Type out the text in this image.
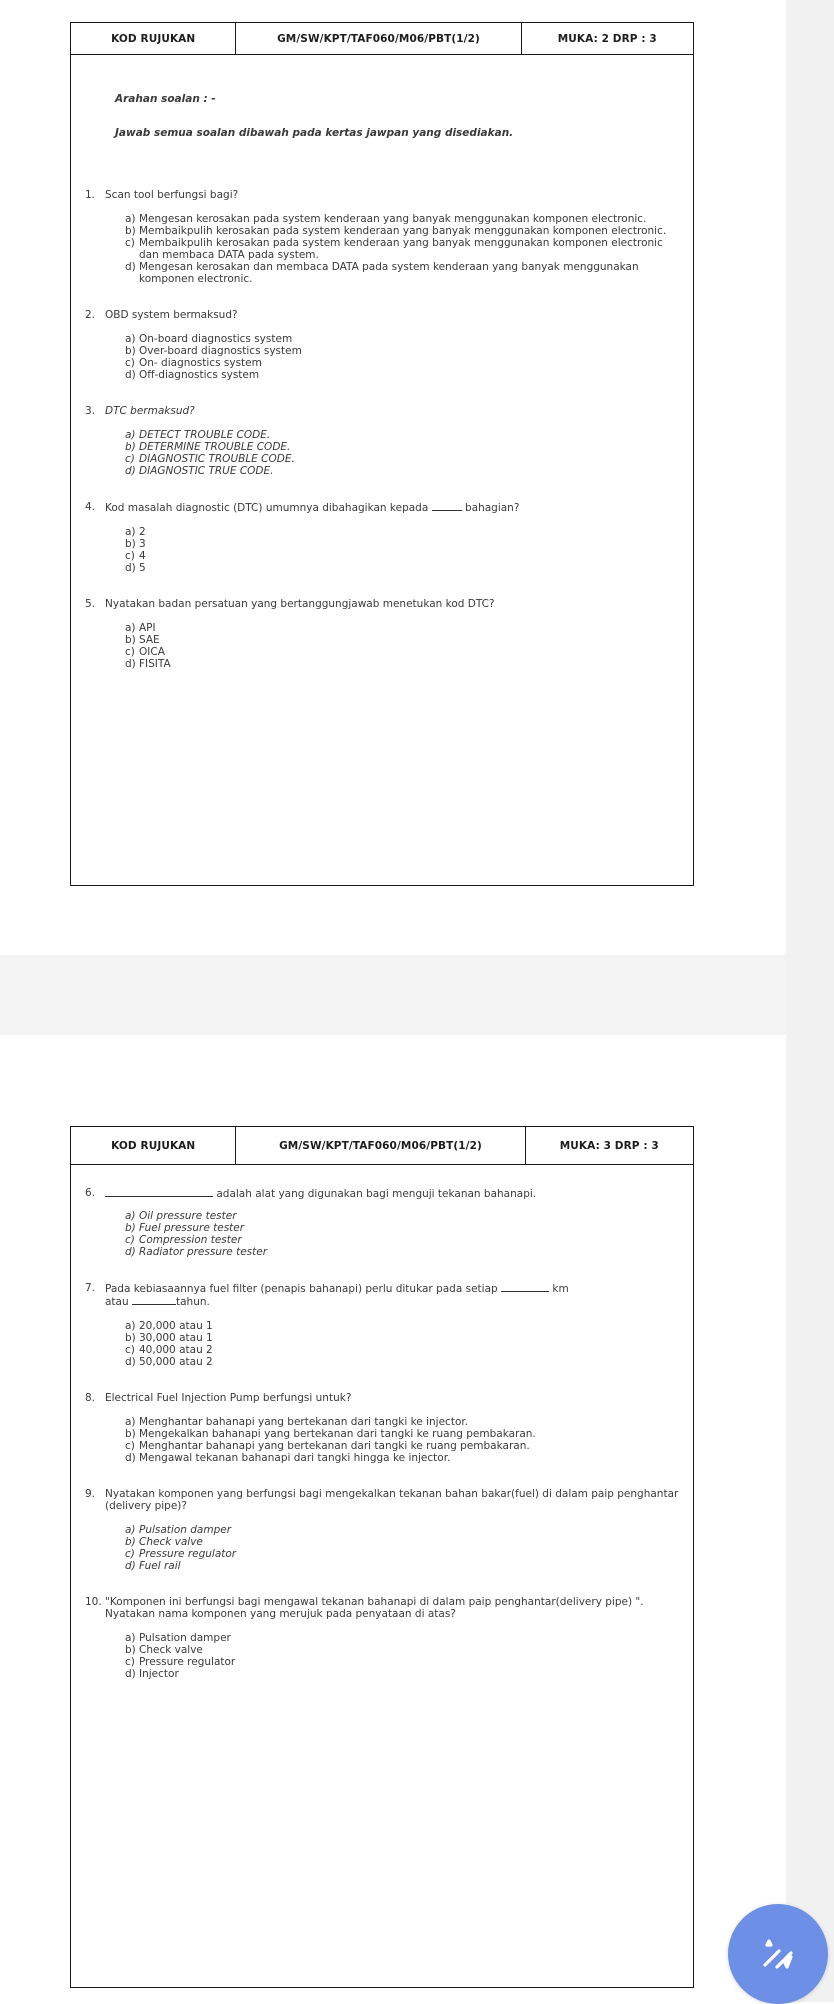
KOD RUJUKAN	GM/SW/KPT/TAF060/M06/PBT(1/2)	MUKA: 2 DRP : 3
Arahan soalan : -
Jawab semua soalan dibawah pada kertas jawpan yang disediakan.
1. Scan tool berfungsi bagi?
a) Mengesan kerosakan pada system kenderaan yang banyak menggunakan komponen electronic.
b) Membaikpulih kerosakan pada system kenderaan yang banyak menggunakan komponen electronic.
c) Membaikpulih kerosakan pada system kenderaan yang banyak menggunakan komponen electronic dan membaca DATA pada system.
d) Mengesan kerosakan dan membaca DATA pada system kenderaan yang banyak menggunakan komponen electronic.
2. OBD system bermaksud?
a) On-board diagnostics system
b) Over-board diagnostics system
c) On- diagnostics system
d) Off-diagnostics system
3. DTC bermaksud?
a) DETECT TROUBLE CODE.
b) DETERMINE TROUBLE CODE.
c) DIAGNOSTIC TROUBLE CODE.
d) DIAGNOSTIC TRUE CODE.
4. Kod masalah diagnostic (DTC) umumnya dibahagikan kepada	bahagian?
a) 2
b) 3
c) 4
d) 5
5. Nyatakan badan persatuan yang bertanggungjawab menetukan kod DTC?
a) API
b) SAE
c) OICA
d) FISITA
KOD RUJUKAN	GM/SW/KPT/TAF060/M06/PBT(1/2)	MUKA: 3 DRP : 3
6.	adalah alat yang digunakan bagi menguji tekanan bahanapi.
a) Oil pressure tester
b) Fuel pressure tester
c) Compression tester
d) Radiator pressure tester
7. Pada kebiasaannya fuel filter (penapis bahanapi) perlu ditukar pada setiap	km
atau	tahun.
a) 20,000 atau 1
b) 30,000 atau 1
c) 40,000 atau 2
d) 50,000 atau 2
8. Electrical Fuel Injection Pump berfungsi untuk?
a) Menghantar bahanapi yang bertekanan dari tangki ke injector.
b) Mengekalkan bahanapi yang bertekanan dari tangki ke ruang pembakaran.
c) Menghantar bahanapi yang bertekanan dari tangki ke ruang pembakaran.
d) Mengawal tekanan bahanapi dari tangki hingga ke injector.
9. Nyatakan komponen yang berfungsi bagi mengekalkan tekanan bahan bakar(fuel) di dalam paip penghantar (delivery pipe)?
a) Pulsation damper
b) Check valve
c) Pressure regulator
d) Fuel rail
10. "Komponen ini berfungsi bagi mengawal tekanan bahanapi di dalam paip penghantar(delivery pipe) ". Nyatakan nama komponen yang merujuk pada penyataan di atas?
a) Pulsation damper
b) Check valve
c) Pressure regulator
d) Injector
